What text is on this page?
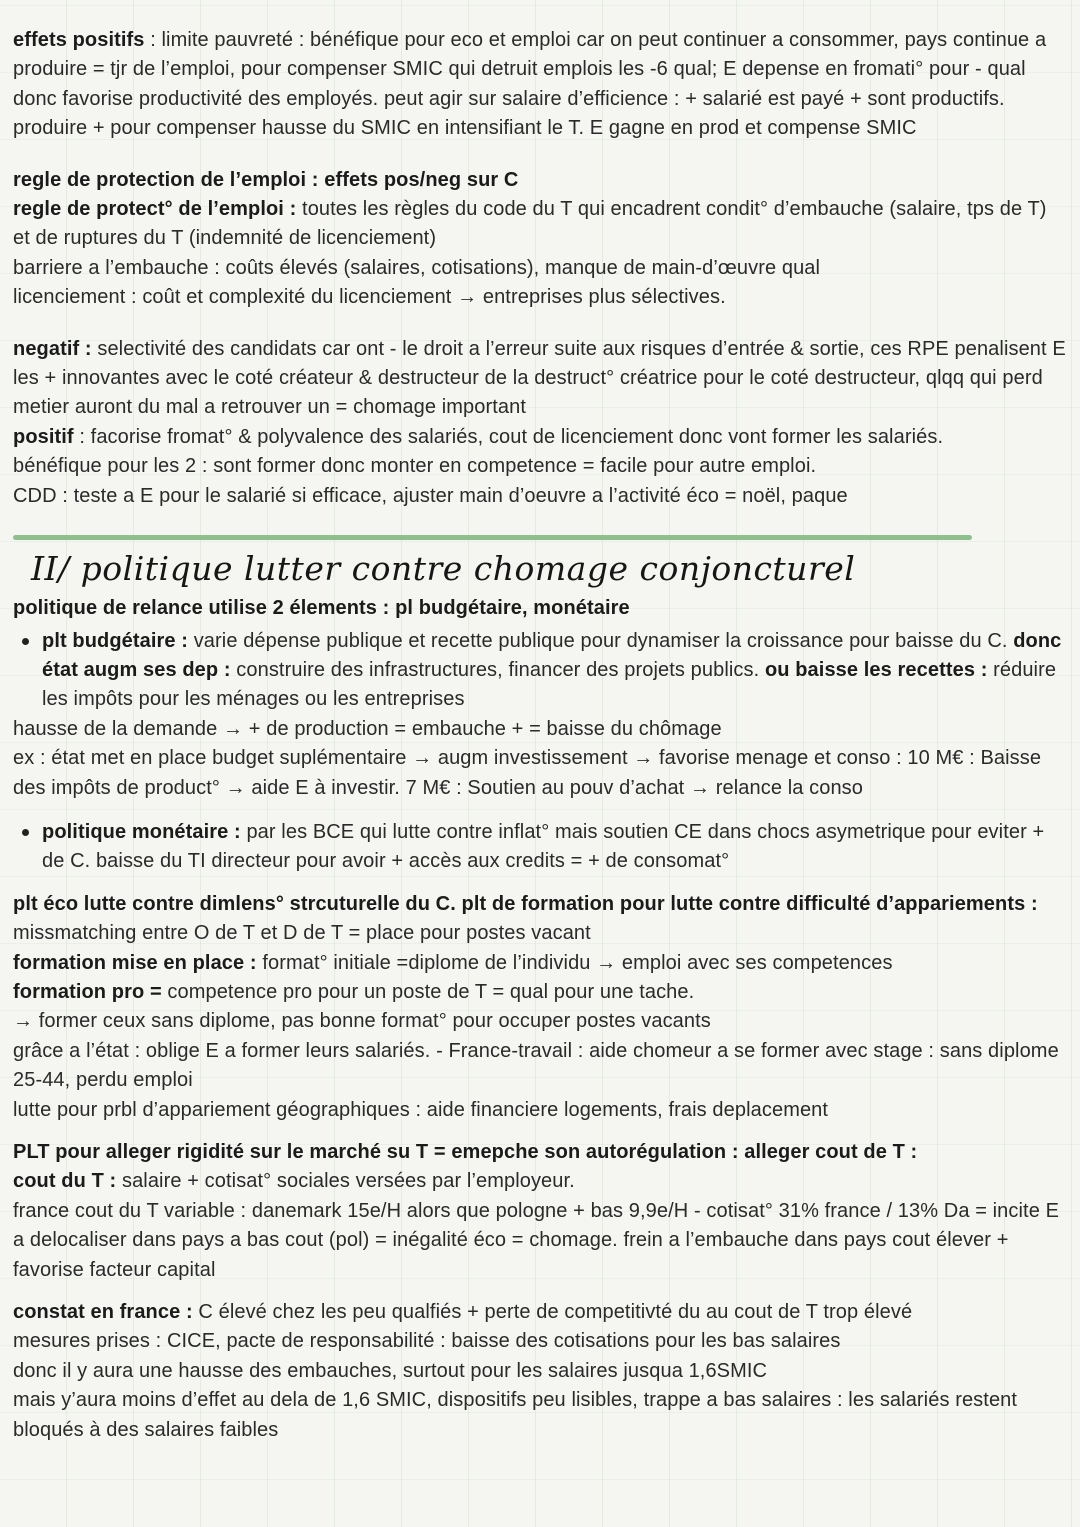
effets positifs : limite pauvreté : bénéfique pour eco et emploi car on peut continuer a consommer, pays continue a produire = tjr de l’emploi, pour compenser SMIC qui detruit emplois les -6 qual; E depense en fromati° pour - qual donc favorise productivité des employés. peut agir sur salaire d’efficience : + salarié est payé + sont productifs. produire + pour compenser hausse du SMIC en intensifiant le T. E gagne en prod et compense SMIC

regle de protection de l’emploi : effets pos/neg sur C

regle de protect° de l’emploi : toutes les règles du code du T qui encadrent condit° d’embauche (salaire, tps de T) et de ruptures du T (indemnité de licenciement)

barriere a l’embauche : coûts élevés (salaires, cotisations), manque de main-d’œuvre qual

licenciement : coût et complexité du licenciement → entreprises plus sélectives.

negatif : selectivité des candidats car ont - le droit a l’erreur suite aux risques d’entrée & sortie, ces RPE penalisent E les + innovantes avec le coté créateur & destructeur de la destruct° créatrice pour le coté destructeur, qlqq qui perd metier auront du mal a retrouver un = chomage important

positif : facorise fromat° & polyvalence des salariés, cout de licenciement donc vont former les salariés.

bénéfique pour les 2 : sont former donc monter en competence = facile pour autre emploi.

CDD : teste a E pour le salarié si efficace, ajuster main d’oeuvre a l’activité éco = noël, paque

II/ politique lutter contre chomage conjoncturel

politique de relance utilise 2 élements : pl budgétaire, monétaire

plt budgétaire : varie dépense publique et recette publique pour dynamiser la croissance pour baisse du C. donc état augm ses dep : construire des infrastructures, financer des projets publics. ou baisse les recettes : réduire les impôts pour les ménages ou les entreprises

hausse de la demande → + de production = embauche + = baisse du chômage

ex : état met en place budget suplémentaire → augm investissement → favorise menage et conso : 10 M€ : Baisse des impôts de product° → aide E à investir. 7 M€ : Soutien au pouv d’achat → relance la conso

politique monétaire : par les BCE qui lutte contre inflat° mais soutien CE dans chocs asymetrique pour eviter + de C. baisse du TI directeur pour avoir + accès aux credits = + de consomat°

plt éco lutte contre dimlens° strcuturelle du C. plt de formation pour lutte contre difficulté d’appariements :

missmatching entre O de T et D de T = place pour postes vacant

formation mise en place : format° initiale =diplome de l’individu → emploi avec ses competences

formation pro = competence pro pour un poste de T = qual pour une tache.

→ former ceux sans diplome, pas bonne format° pour occuper postes vacants

grâce a l’état : oblige E a former leurs salariés. - France-travail : aide chomeur a se former avec stage : sans diplome 25-44, perdu emploi

lutte pour prbl d’appariement géographiques : aide financiere logements, frais deplacement

PLT pour alleger rigidité sur le marché su T = emepche son autorégulation : alleger cout de T :

cout du T : salaire + cotisat° sociales versées par l’employeur.

france cout du T variable : danemark 15e/H alors que pologne + bas 9,9e/H - cotisat° 31% france / 13% Da = incite E a delocaliser dans pays a bas cout (pol) = inégalité éco = chomage. frein a l’embauche dans pays cout élever + favorise facteur capital

constat en france : C élevé chez les peu qualfiés + perte de competitivté du au cout de T trop élevé

mesures prises : CICE, pacte de responsabilité : baisse des cotisations pour les bas salaires

donc il y aura une hausse des embauches, surtout pour les salaires jusqua 1,6SMIC

mais y’aura moins d’effet au dela de 1,6 SMIC, dispositifs peu lisibles, trappe a bas salaires : les salariés restent bloqués à des salaires faibles
